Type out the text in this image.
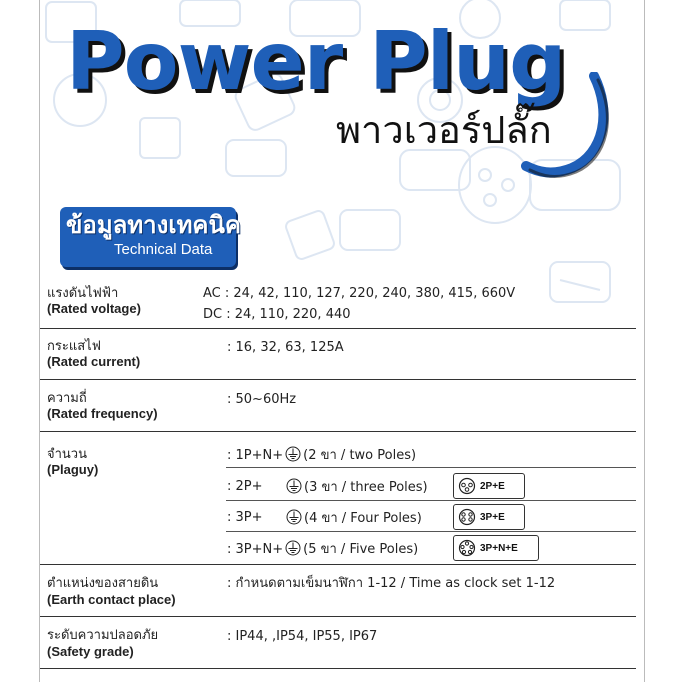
Power Plug

พาวเวอร์ปลั๊ก

ข้อมูลทางเทคนิค
Technical Data
แรงดันไฟฟ้า
(Rated voltage)
AC : 24, 42, 110, 127, 220, 240, 380, 415, 660V
DC : 24, 110, 220, 440
กระแสไฟ
(Rated current)
: 16, 32, 63, 125A
ความถี่
(Rated frequency)
: 50~60Hz
จำนวน
(Plaguy)
: 1P+N+ (2 ขา / two Poles)
: 2P+	(3 ขา / three Poles)	2P+E
: 3P+	(4 ขา / Four Poles)	3P+E
: 3P+N+ (5 ขา / Five Poles)	3P+N+E
ตำแหน่งของสายดิน
(Earth contact place)
: กำหนดตามเข็มนาฬิกา 1-12 / Time as clock set 1-12
ระดับความปลอดภัย
(Safety grade)
: IP44, ,IP54, IP55, IP67
